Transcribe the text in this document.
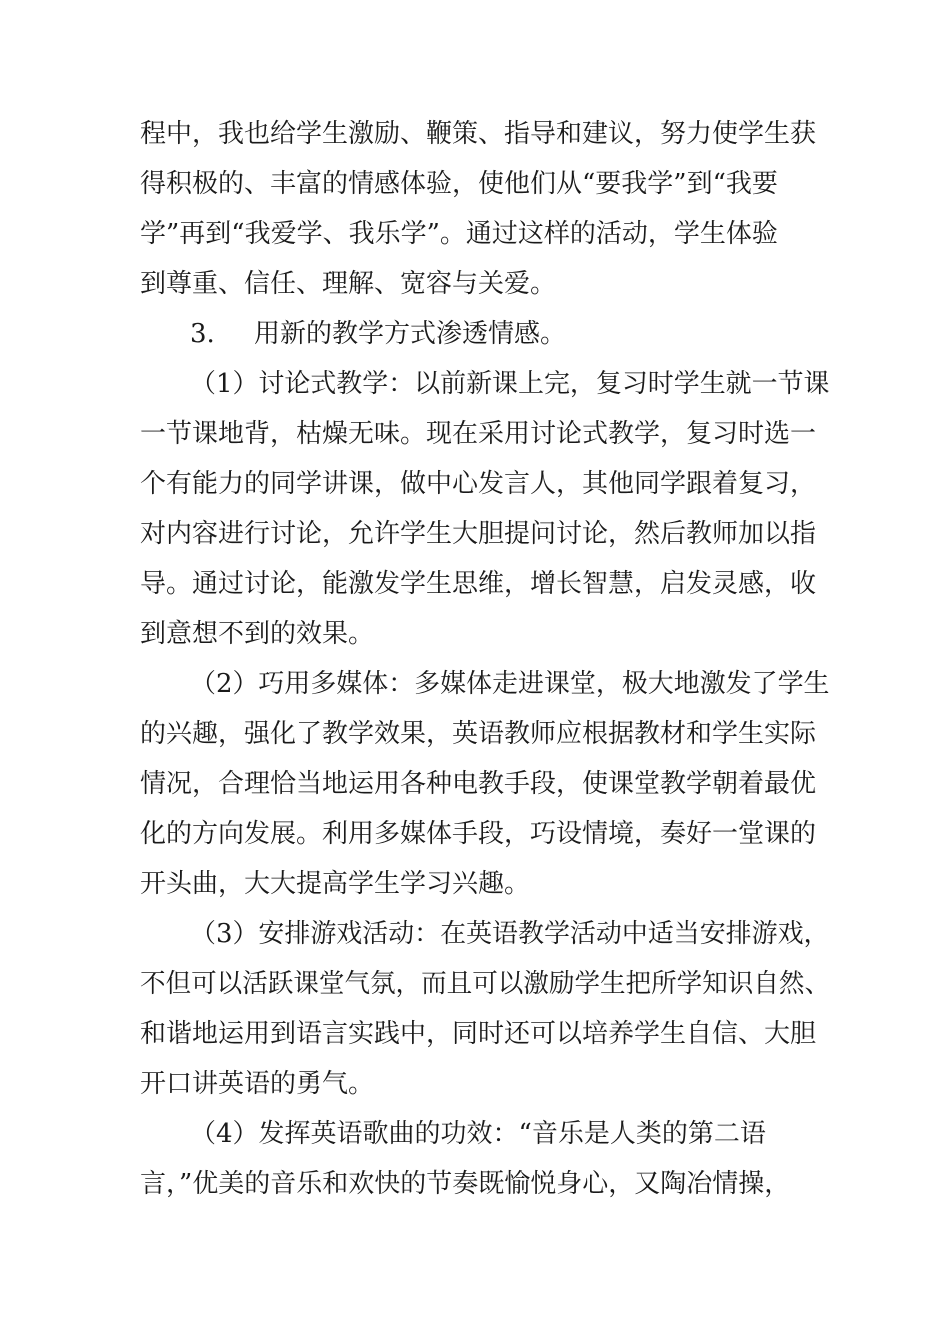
程中，我也给学生激励、鞭策、指导和建议，努力使学生获
得积极的、丰富的情感体验，使他们从“要我学”到“我要
学”再到“我爱学、我乐学”。通过这样的活动，学生体验
到尊重、信任、理解、宽容与关爱。
3. 用新的教学方式渗透情感。
（1）讨论式教学：以前新课上完，复习时学生就一节课
一节课地背，枯燥无味。现在采用讨论式教学，复习时选一
个有能力的同学讲课，做中心发言人，其他同学跟着复习，
对内容进行讨论，允许学生大胆提问讨论，然后教师加以指
导。通过讨论，能激发学生思维，增长智慧，启发灵感，收
到意想不到的效果。
（2）巧用多媒体：多媒体走进课堂，极大地激发了学生
的兴趣，强化了教学效果，英语教师应根据教材和学生实际
情况，合理恰当地运用各种电教手段，使课堂教学朝着最优
化的方向发展。利用多媒体手段，巧设情境，奏好一堂课的
开头曲，大大提高学生学习兴趣。
（3）安排游戏活动：在英语教学活动中适当安排游戏，
不但可以活跃课堂气氛，而且可以激励学生把所学知识自然、
和谐地运用到语言实践中，同时还可以培养学生自信、大胆
开口讲英语的勇气。
（4）发挥英语歌曲的功效：“音乐是人类的第二语
言，”优美的音乐和欢快的节奏既愉悦身心，又陶冶情操，
